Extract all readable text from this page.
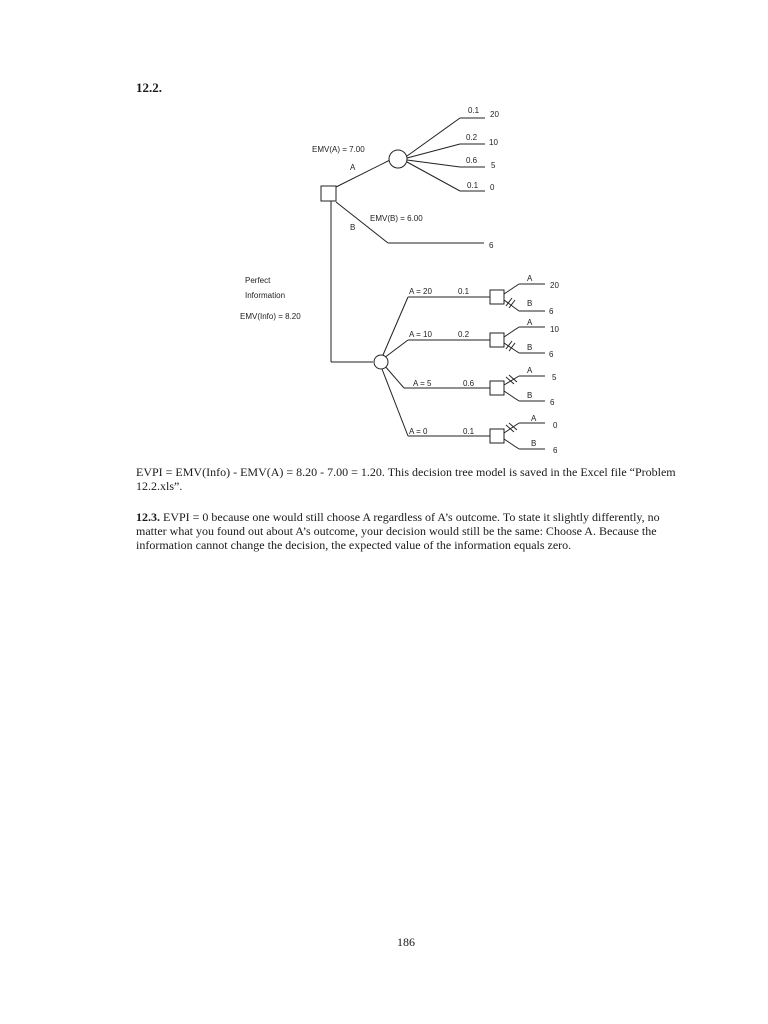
12.2.
EMV(A) = 7.00
A
EMV(B) = 6.00
B
6
0.1 20
0.2
10
0.6
5
0.1 0
Perfect
Information
EMV(Info) = 8.20
A = 20	0.1
A = 10	0.2
A = 5	0.6
A = 0	0.1
A
20
B
6
A
10
B
6
A
5
B
6
A
0
B
6

EVPI = EMV(Info) - EMV(A) = 8.20 - 7.00 = 1.20. This decision tree model is saved in the Excel file “Problem 12.2.xls”.

12.3. EVPI = 0 because one would still choose A regardless of A’s outcome. To state it slightly differently, no matter what you found out about A’s outcome, your decision would still be the same: Choose A. Because the information cannot change the decision, the expected value of the information equals zero.

186
